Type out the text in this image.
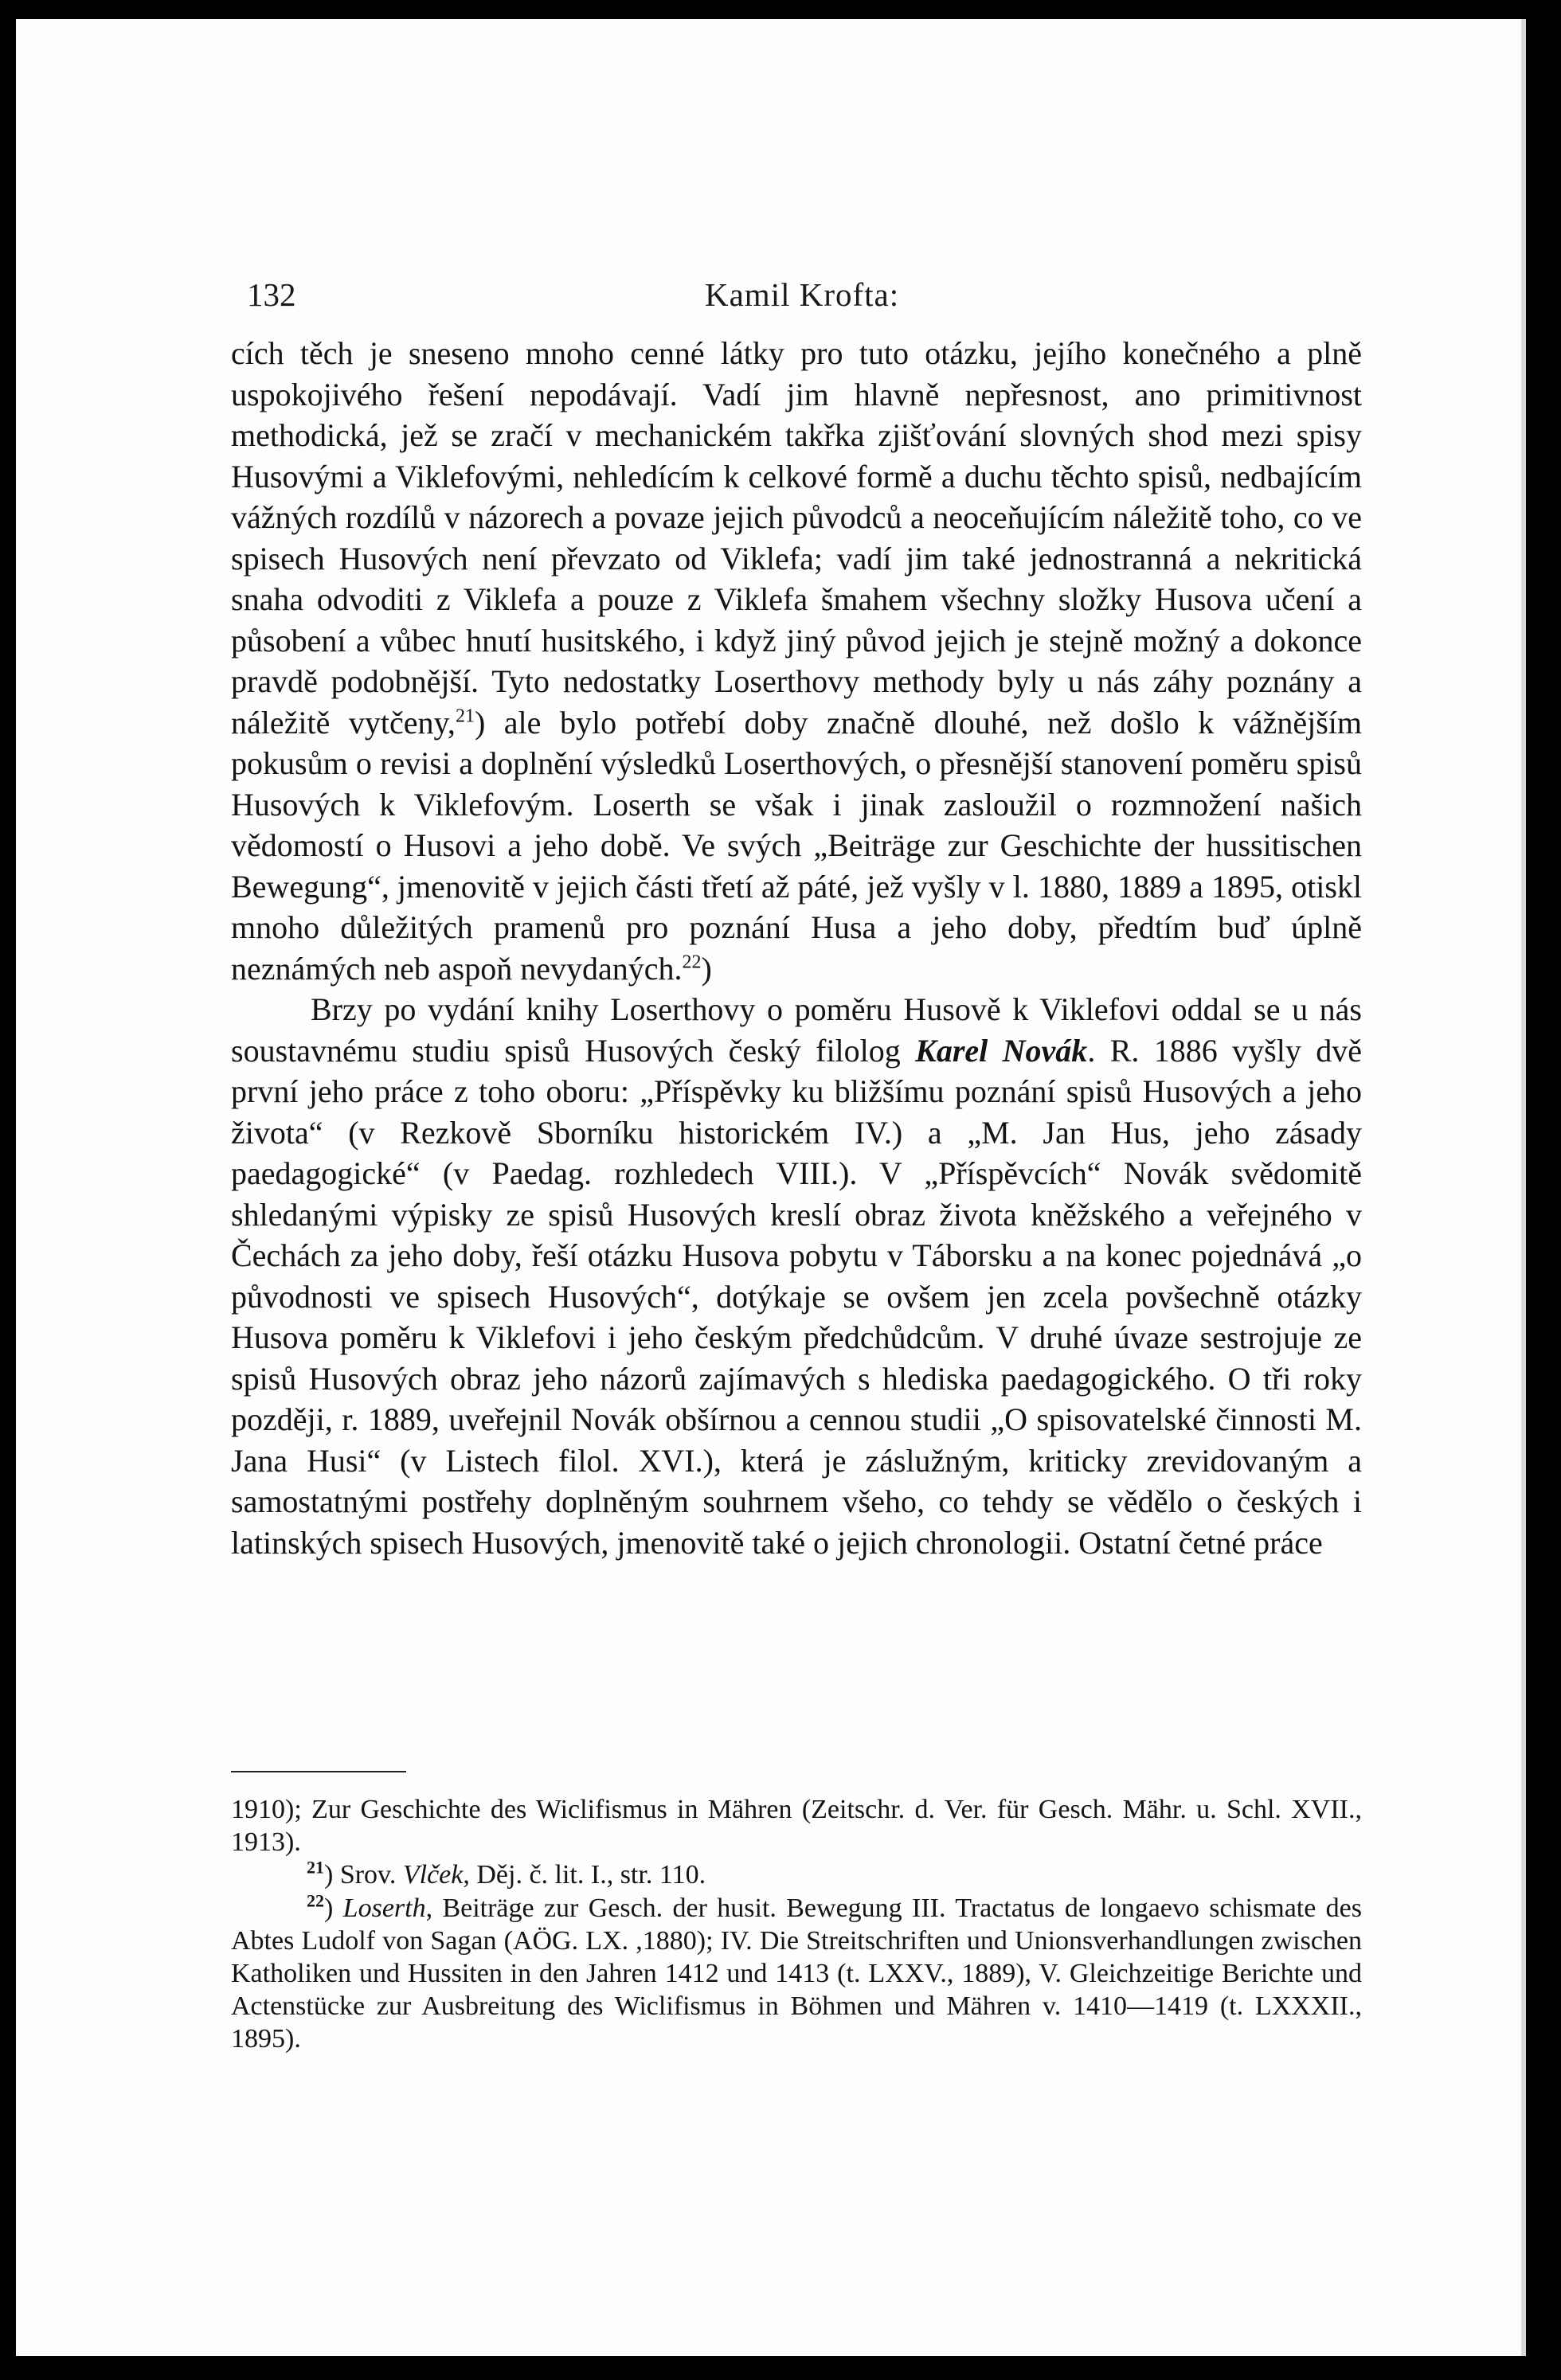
132	Kamil Krofta:

cích těch je sneseno mnoho cenné látky pro tuto otázku, jejího konečného a plně uspokojivého řešení nepodávají. Vadí jim hlavně nepřesnost, ano primitivnost methodická, jež se zračí v mechanickém takřka zjišťování slovných shod mezi spisy Husovými a Viklefovými, nehledícím k celkové formě a duchu těchto spisů, nedbajícím vážných rozdílů v názorech a povaze jejich původců a neoceňujícím náležitě toho, co ve spisech Husových není převzato od Viklefa; vadí jim také jednostranná a nekritická snaha odvoditi z Viklefa a pouze z Viklefa šmahem všechny složky Husova učení a působení a vůbec hnutí husitského, i když jiný původ jejich je stejně možný a dokonce pravdě podobnější. Tyto nedostatky Loserthovy methody byly u nás záhy poznány a náležitě vytčeny,$^{21}$) ale bylo potřebí doby značně dlouhé, než došlo k vážnějším pokusům o revisi a doplnění výsledků Loserthových, o přesnější stanovení poměru spisů Husových k Viklefovým. Loserth se však i jinak zasloužil o rozmnožení našich vědomostí o Husovi a jeho době. Ve svých „Beiträge zur Geschichte der hussitischen Bewegung“, jmenovitě v jejich části třetí až páté, jež vyšly v l. 1880, 1889 a 1895, otiskl mnoho důležitých pramenů pro poznání Husa a jeho doby, předtím buď úplně neznámých neb aspoň nevydaných.$^{22}$)

Brzy po vydání knihy Loserthovy o poměru Husově k Viklefovi oddal se u nás soustavnému studiu spisů Husových český filolog Karel Novák. R. 1886 vyšly dvě první jeho práce z toho oboru: „Příspěvky ku bližšímu poznání spisů Husových a jeho života“ (v Rezkově Sborníku historickém IV.) a „M. Jan Hus, jeho zásady paedagogické“ (v Paedag. rozhledech VIII.). V „Příspěvcích“ Novák svědomitě shledanými výpisky ze spisů Husových kreslí obraz života kněžského a veřejného v Čechách za jeho doby, řeší otázku Husova pobytu v Táborsku a na konec pojednává „o původnosti ve spisech Husových“, dotýkaje se ovšem jen zcela povšechně otázky Husova poměru k Viklefovi i jeho českým předchůdcům. V druhé úvaze sestrojuje ze spisů Husových obraz jeho názorů zajímavých s hlediska paedagogického. O tři roky později, r. 1889, uveřejnil Novák obšírnou a cennou studii „O spisovatelské činnosti M. Jana Husi“ (v Listech filol. XVI.), která je záslužným, kriticky zrevidovaným a samostatnými postřehy doplněným souhrnem všeho, co tehdy se vědělo o českých i latinských spisech Husových, jmenovitě také o jejich chronologii. Ostatní četné práce

1910); Zur Geschichte des Wiclifismus in Mähren (Zeitschr. d. Ver. für Gesch. Mähr. u. Schl. XVII., 1913).

$^{21}$) Srov. Vlček, Děj. č. lit. I., str. 110.

$^{22}$) Loserth, Beiträge zur Gesch. der husit. Bewegung III. Tractatus de longaevo schismate des Abtes Ludolf von Sagan (AÖG. LX. ,1880); IV. Die Streitschriften und Unionsverhandlungen zwischen Katholiken und Hussiten in den Jahren 1412 und 1413 (t. LXXV., 1889), V. Gleichzeitige Berichte und Actenstücke zur Ausbreitung des Wiclifismus in Böhmen und Mähren v. 1410—1419 (t. LXXXII., 1895).
